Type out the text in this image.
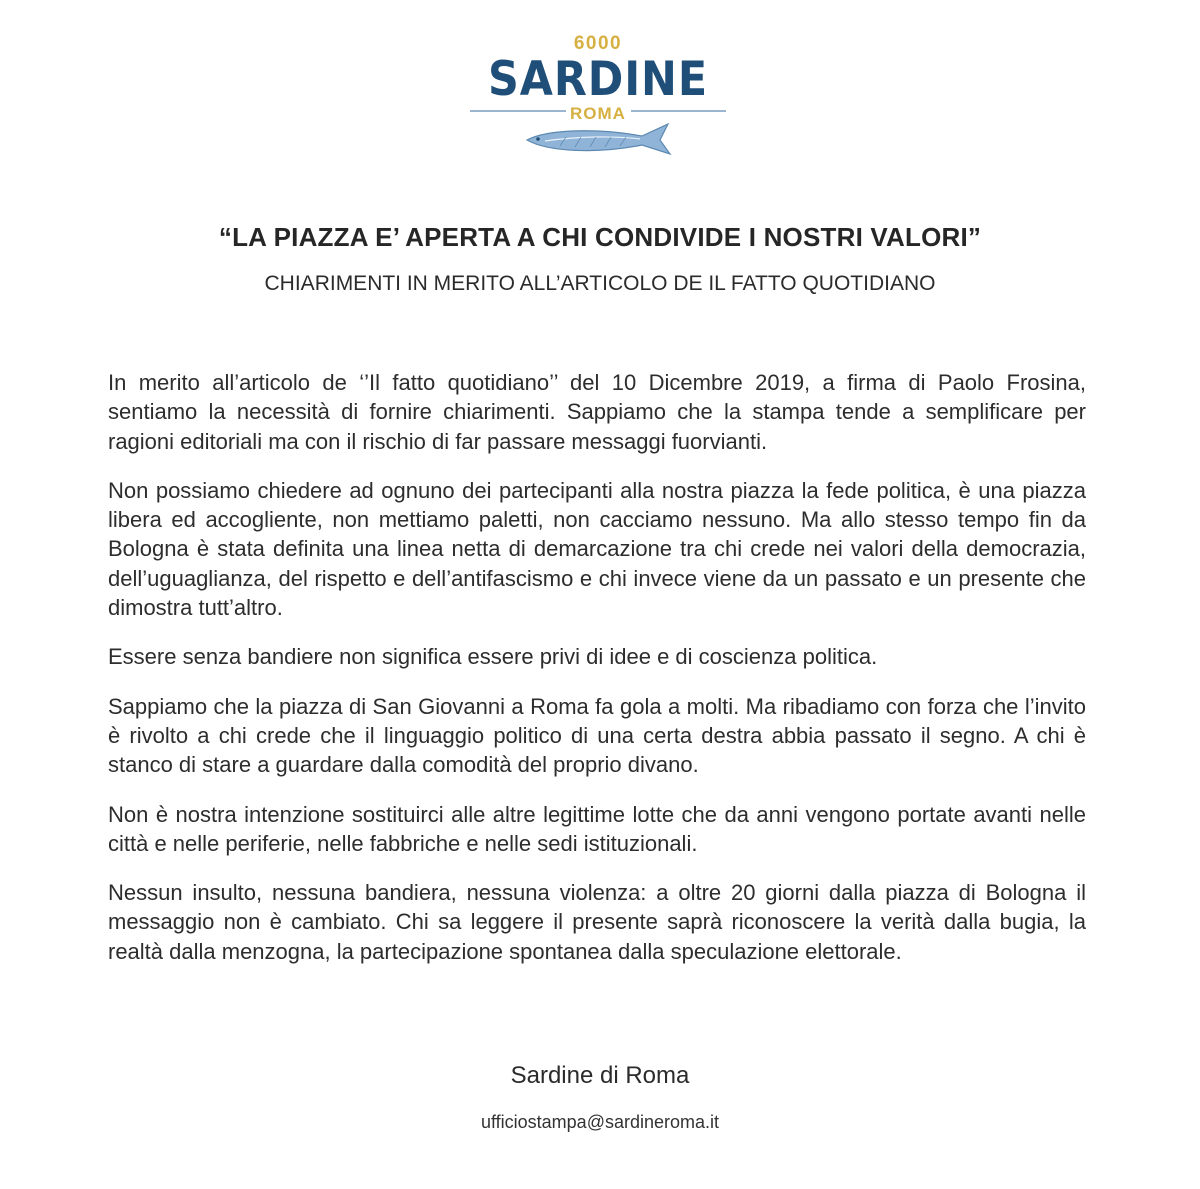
6000
SARDINE
ROMA
“LA PIAZZA E’ APERTA A CHI CONDIVIDE I NOSTRI VALORI”
CHIARIMENTI IN MERITO ALL’ARTICOLO DE IL FATTO QUOTIDIANO

In merito all’articolo de ‘’Il fatto quotidiano’’ del 10 Dicembre 2019, a firma di Paolo Frosina, sentiamo la necessità di fornire chiarimenti. Sappiamo che la stampa tende a semplificare per ragioni editoriali ma con il rischio di far passare messaggi fuorvianti.

Non possiamo chiedere ad ognuno dei partecipanti alla nostra piazza la fede politica, è una piazza libera ed accogliente, non mettiamo paletti, non cacciamo nessuno. Ma allo stesso tempo fin da Bologna è stata definita una linea netta di demarcazione tra chi crede nei valori della democrazia, dell’uguaglianza, del rispetto e dell’antifascismo e chi invece viene da un passato e un presente che dimostra tutt’altro.

Essere senza bandiere non significa essere privi di idee e di coscienza politica.

Sappiamo che la piazza di San Giovanni a Roma fa gola a molti. Ma ribadiamo con forza che l’invito è rivolto a chi crede che il linguaggio politico di una certa destra abbia passato il segno. A chi è stanco di stare a guardare dalla comodità del proprio divano.

Non è nostra intenzione sostituirci alle altre legittime lotte che da anni vengono portate avanti nelle città e nelle periferie, nelle fabbriche e nelle sedi istituzionali.

Nessun insulto, nessuna bandiera, nessuna violenza: a oltre 20 giorni dalla piazza di Bologna il messaggio non è cambiato. Chi sa leggere il presente saprà riconoscere la verità dalla bugia, la realtà dalla menzogna, la partecipazione spontanea dalla speculazione elettorale.

Sardine di Roma
ufficiostampa@sardineroma.it
